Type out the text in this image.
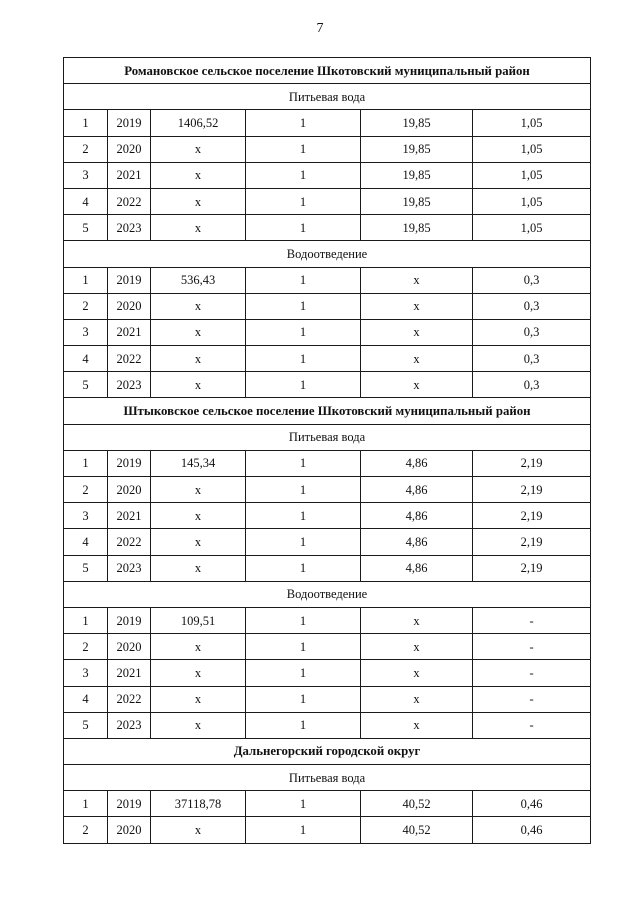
7
Романовское сельское поселение Шкотовский муниципальный район					
Питьевая вода					
1	2019	1406,52	1	19,85	1,05
2	2020	х	1	19,85	1,05
3	2021	х	1	19,85	1,05
4	2022	х	1	19,85	1,05
5	2023	х	1	19,85	1,05
Водоотведение					
1	2019	536,43	1	х	0,3
2	2020	х	1	х	0,3
3	2021	х	1	х	0,3
4	2022	х	1	х	0,3
5	2023	х	1	х	0,3
Штыковское сельское поселение Шкотовский муниципальный район					
Питьевая вода					
1	2019	145,34	1	4,86	2,19
2	2020	х	1	4,86	2,19
3	2021	х	1	4,86	2,19
4	2022	х	1	4,86	2,19
5	2023	х	1	4,86	2,19
Водоотведение					
1	2019	109,51	1	х	-
2	2020	х	1	х	-
3	2021	х	1	х	-
4	2022	х	1	х	-
5	2023	х	1	х	-
Дальнегорский городской округ					
Питьевая вода					
1	2019	37118,78	1	40,52	0,46
2	2020	х	1	40,52	0,46
